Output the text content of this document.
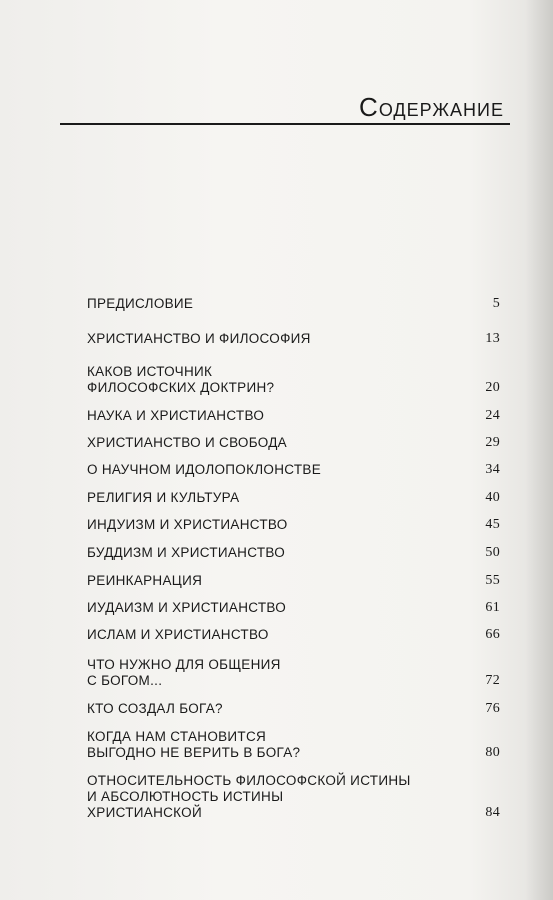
Содержание
ПРЕДИСЛОВИЕ	5
ХРИСТИАНСТВО И ФИЛОСОФИЯ	13
КАКОВ ИСТОЧНИК
ФИЛОСОФСКИХ ДОКТРИН?	20
НАУКА И ХРИСТИАНСТВО	24
ХРИСТИАНСТВО И СВОБОДА	29
О НАУЧНОМ ИДОЛОПОКЛОНСТВЕ	34
РЕЛИГИЯ И КУЛЬТУРА	40
ИНДУИЗМ И ХРИСТИАНСТВО	45
БУДДИЗМ И ХРИСТИАНСТВО	50
РЕИНКАРНАЦИЯ	55
ИУДАИЗМ И ХРИСТИАНСТВО	61
ИСЛАМ И ХРИСТИАНСТВО	66
ЧТО НУЖНО ДЛЯ ОБЩЕНИЯ
С БОГОМ...	72
КТО СОЗДАЛ БОГА?	76
КОГДА НАМ СТАНОВИТСЯ
ВЫГОДНО НЕ ВЕРИТЬ В БОГА?	80
ОТНОСИТЕЛЬНОСТЬ ФИЛОСОФСКОЙ ИСТИНЫ
И АБСОЛЮТНОСТЬ ИСТИНЫ
ХРИСТИАНСКОЙ	84
